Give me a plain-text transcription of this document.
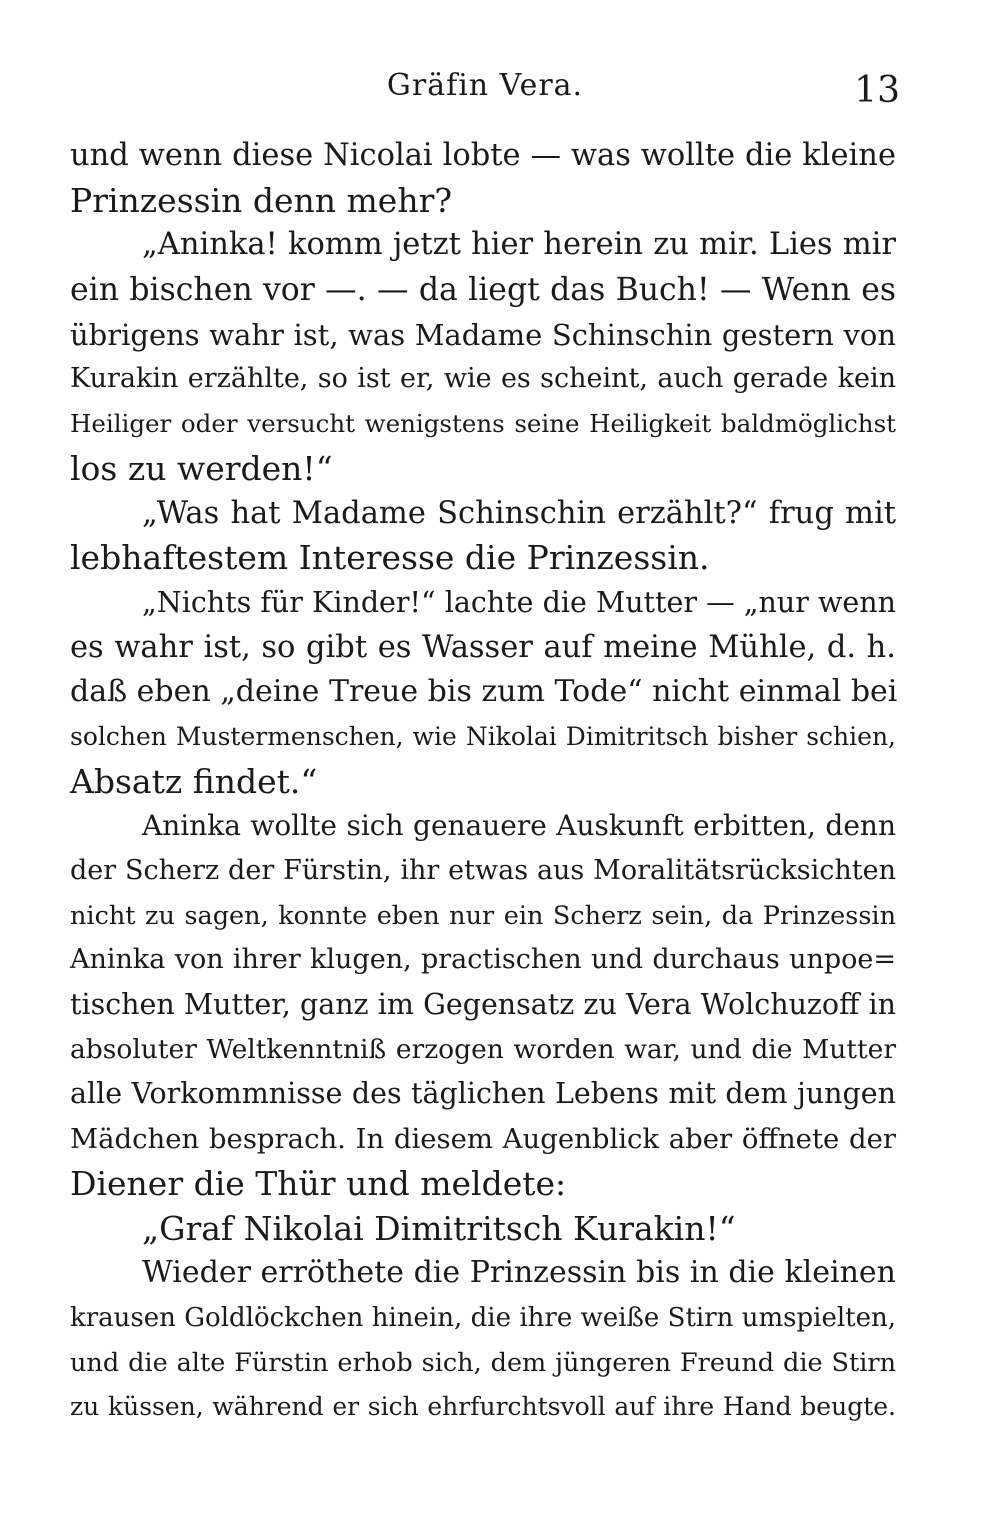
Gräfin Vera.	13
und wenn diese Nicolai lobte — was wollte die kleine
Prinzessin denn mehr?
„Aninka! komm jetzt hier herein zu mir. Lies mir
ein bischen vor —. — da liegt das Buch! — Wenn es
übrigens wahr ist, was Madame Schinschin gestern von
Kurakin erzählte, so ist er, wie es scheint, auch gerade kein
Heiliger oder versucht wenigstens seine Heiligkeit baldmöglichst
los zu werden!“
„Was hat Madame Schinschin erzählt?“ frug mit
lebhaftestem Interesse die Prinzessin.
„Nichts für Kinder!“ lachte die Mutter — „nur wenn
es wahr ist, so gibt es Wasser auf meine Mühle, d. h.
daß eben „deine Treue bis zum Tode“ nicht einmal bei
solchen Mustermenschen, wie Nikolai Dimitritsch bisher schien,
Absatz findet.“
Aninka wollte sich genauere Auskunft erbitten, denn
der Scherz der Fürstin, ihr etwas aus Moralitätsrücksichten
nicht zu sagen, konnte eben nur ein Scherz sein, da Prinzessin
Aninka von ihrer klugen, practischen und durchaus unpoe=
tischen Mutter, ganz im Gegensatz zu Vera Wolchuzoff in
absoluter Weltkenntniß erzogen worden war, und die Mutter
alle Vorkommnisse des täglichen Lebens mit dem jungen
Mädchen besprach. In diesem Augenblick aber öffnete der
Diener die Thür und meldete:
„Graf Nikolai Dimitritsch Kurakin!“
Wieder erröthete die Prinzessin bis in die kleinen
krausen Goldlöckchen hinein, die ihre weiße Stirn umspielten,
und die alte Fürstin erhob sich, dem jüngeren Freund die Stirn
zu küssen, während er sich ehrfurchtsvoll auf ihre Hand beugte.
